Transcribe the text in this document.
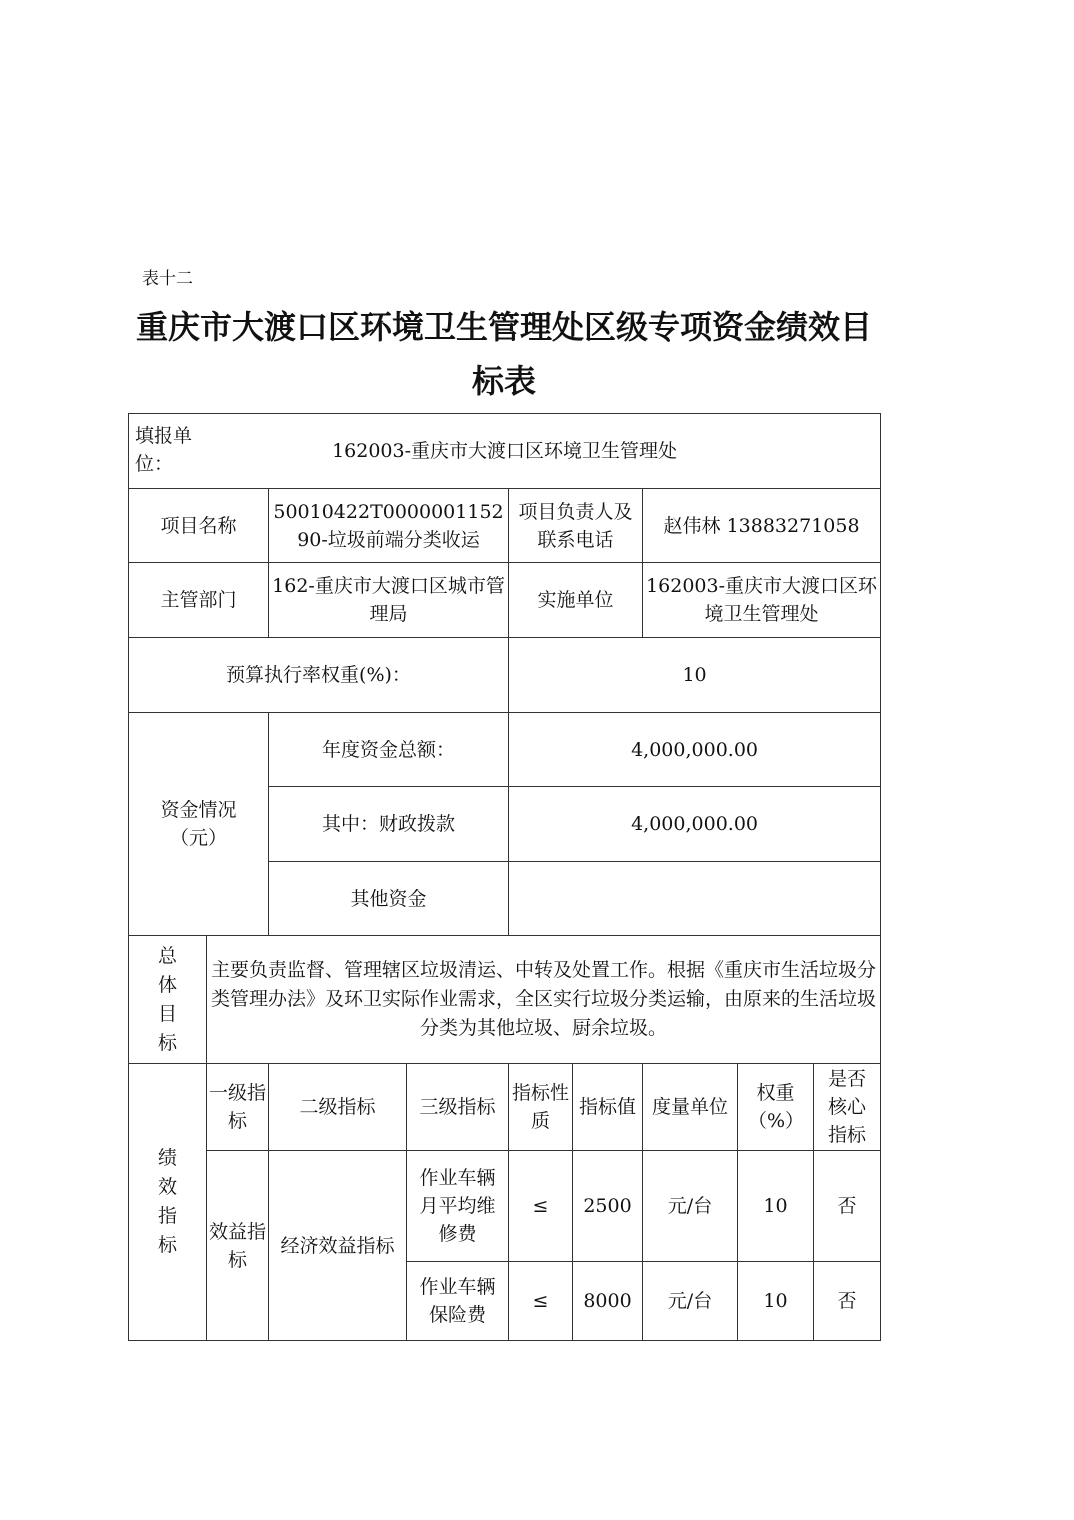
表十二
重庆市大渡口区环境卫生管理处区级专项资金绩效目标表
填报单位：
162003-重庆市大渡口区环境卫生管理处								

项目名称		50010422T000000115290-垃圾前端分类收运		项目负责人及联系电话		赵伟林 13883271058		
主管部门		162-重庆市大渡口区城市管理局		实施单位		162003-重庆市大渡口区环境卫生管理处		
预算执行率权重(%)：				10				
资金情况（元）		年度资金总额：		4,000,000.00				
		其中：财政拨款		4,000,000.00				
		其他资金						

总体目标	主要负责监督、管理辖区垃圾清运、中转及处置工作。根据《重庆市生活垃圾分类管理办法》及环卫实际作业需求，全区实行垃圾分类运输，由原来的生活垃圾分类为其他垃圾、厨余垃圾。							

绩效指标	一级指标	二级指标	三级指标	指标性质	指标值	度量单位	权重（%）	是否核心指标
	效益指标	经济效益指标	作业车辆月平均维修费	≤	2500	元/台	10	否
			作业车辆保险费	≤	8000	元/台	10	否
